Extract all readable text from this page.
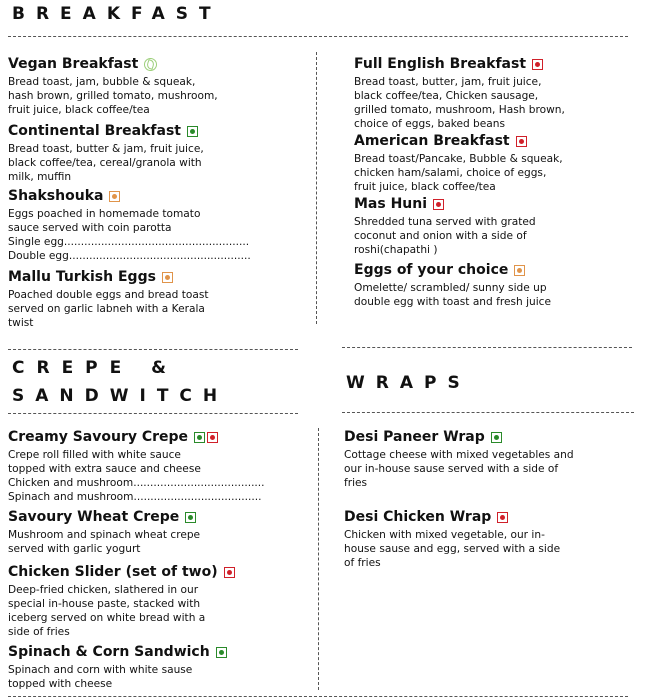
BREAKFAST
Vegan Breakfast
Bread toast, jam, bubble & squeak,
hash brown, grilled tomato, mushroom,
fruit juice, black coffee/tea
Continental Breakfast
Bread toast, butter & jam, fruit juice,
black coffee/tea, cereal/granola with
milk, muffin
Shakshouka
Eggs poached in homemade tomato
sauce served with coin parotta
Single egg.......................................................
Double egg......................................................
Mallu Turkish Eggs
Poached double eggs and bread toast
served on garlic labneh with a Kerala
twist
Full English Breakfast
Bread toast, butter, jam, fruit juice,
black coffee/tea, Chicken sausage,
grilled tomato, mushroom, Hash brown,
choice of eggs, baked beans
American Breakfast
Bread toast/Pancake, Bubble & squeak,
chicken ham/salami, choice of eggs,
fruit juice, black coffee/tea
Mas Huni
Shredded tuna served with grated
coconut and onion with a side of
roshi(chapathi )
Eggs of your choice
Omelette/ scrambled/ sunny side up
double egg with toast and fresh juice
CREPE &
SANDWITCH
WRAPS
Creamy Savoury Crepe
Crepe roll filled with white sauce
topped with extra sauce and cheese
Chicken and mushroom.......................................
Spinach and mushroom......................................
Savoury Wheat Crepe
Mushroom and spinach wheat crepe
served with garlic yogurt
Chicken Slider (set of two)
Deep-fried chicken, slathered in our
special in-house paste, stacked with
iceberg served on white bread with a
side of fries
Spinach & Corn Sandwich
Spinach and corn with white sause
topped with cheese
Desi Paneer Wrap
Cottage cheese with mixed vegetables and
our in-house sause served with a side of
fries
Desi Chicken Wrap
Chicken with mixed vegetable, our in-
house sause and egg, served with a side
of fries
